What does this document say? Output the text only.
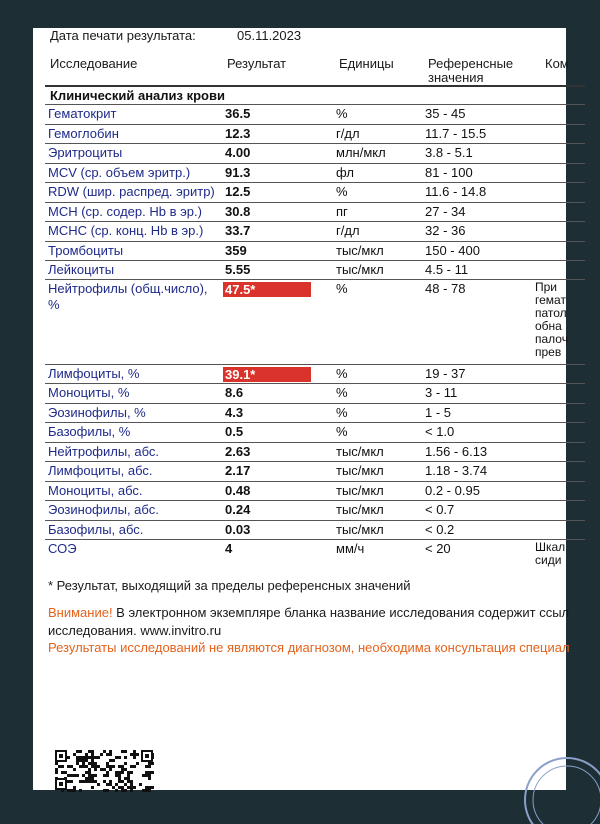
Дата печати результата:	05.11.2023
Исследование	Результат	Единицы	Референсные
значения
Ком
Клинический анализ крови
Гематокрит	36.5	%	35 - 45
Гемоглобин	12.3	г/дл	11.7 - 15.5
Эритроциты	4.00	млн/мкл	3.8 - 5.1
MCV (ср. объем эритр.)	91.3	фл	81 - 100
RDW (шир. распред. эритр) 12.5	%	11.6 - 14.8
MCH (ср. содер. Hb в эр.) 30.8	пг	27 - 34
MCHC (ср. конц. Hb в эр.) 33.7	г/дл	32 - 36
Тромбоциты	359	тыс/мкл	150 - 400
Лейкоциты	5.55	тыс/мкл	4.5 - 11
Нейтрофилы (общ.число),
%
47.5*	%	48 - 78	При
гемат
патол
обна
палоч
прев
Лимфоциты, %	39.1*	%	19 - 37
Моноциты, %	8.6	%	3 - 11
Эозинофилы, %	4.3	%	1 - 5
Базофилы, %	0.5	%	< 1.0
Нейтрофилы, абс.	2.63	тыс/мкл	1.56 - 6.13
Лимфоциты, абс.	2.17	тыс/мкл	1.18 - 3.74
Моноциты, абс.	0.48	тыс/мкл	0.2 - 0.95
Эозинофилы, абс.	0.24	тыс/мкл	< 0.7
Базофилы, абс.	0.03	тыс/мкл	< 0.2
СОЭ	4	мм/ч	< 20	Шкал
сиди
* Результат, выходящий за пределы референсных значений
Внимание! В электронном экземпляре бланка название исследования содержит ссыл
исследования. www.invitro.ru
Результаты исследований не являются диагнозом, необходима консультация специал
